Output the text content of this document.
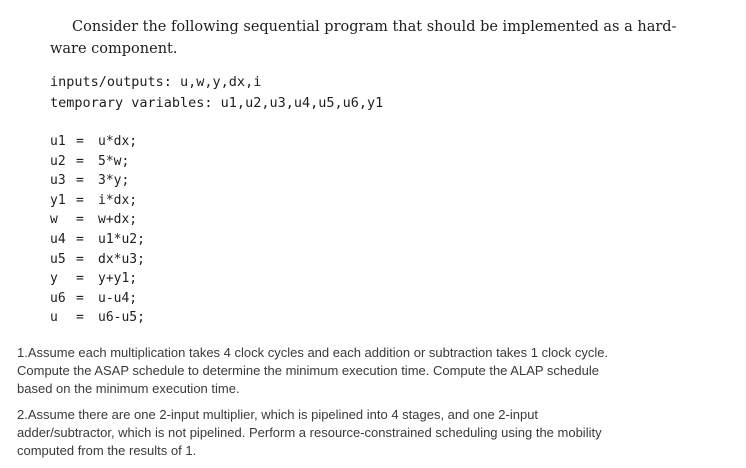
Consider the following sequential program that should be implemented as a hard-
ware component.
inputs/outputs: u,w,y,dx,i
temporary variables: u1,u2,u3,u4,u5,u6,y1
u1 =	u*dx;
u2 =	5*w;
u3 =	3*y;
y1 =	i*dx;
w	=	w+dx;
u4 =	u1*u2;
u5 =	dx*u3;
y	=	y+y1;
u6 =	u-u4;
u	=	u6-u5;
1.Assume each multiplication takes 4 clock cycles and each addition or subtraction takes 1 clock cycle.
Compute the ASAP schedule to determine the minimum execution time. Compute the ALAP schedule
based on the minimum execution time.
2.Assume there are one 2-input multiplier, which is pipelined into 4 stages, and one 2-input
adder/subtractor, which is not pipelined. Perform a resource-constrained scheduling using the mobility
computed from the results of 1.
